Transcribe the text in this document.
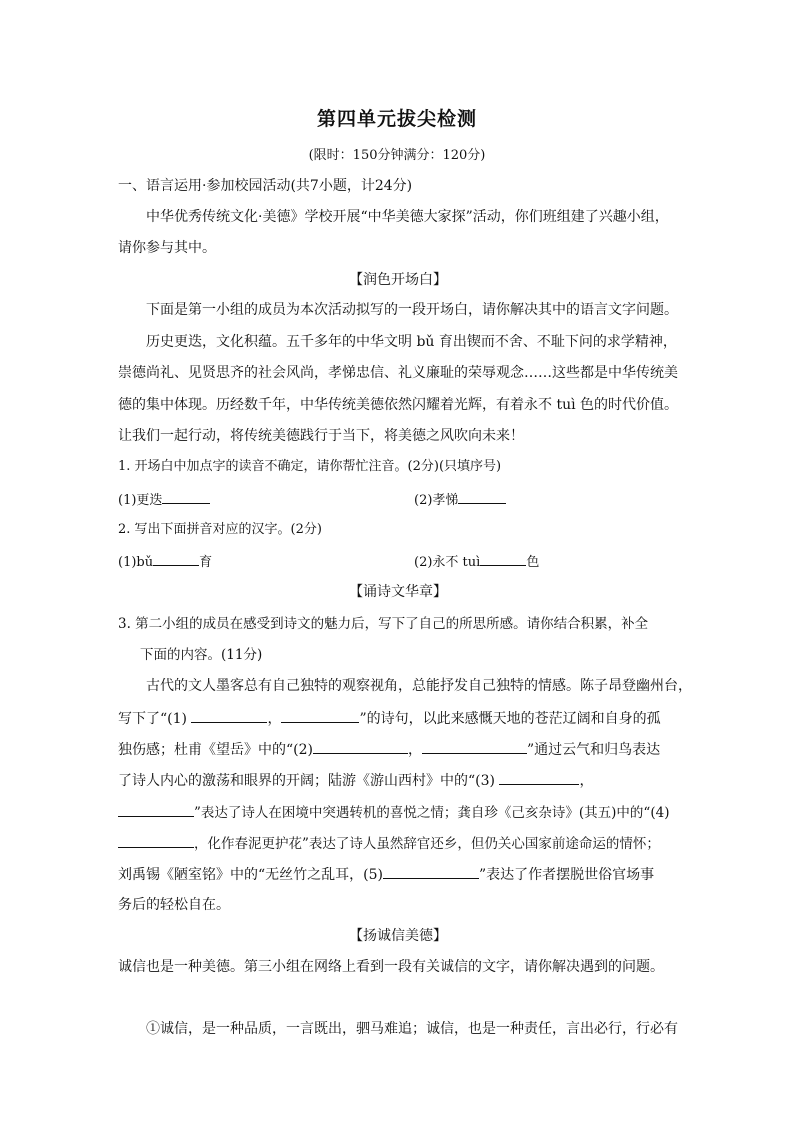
第四单元拔尖检测
(限时：150分钟满分：120分)
一、语言运用·参加校园活动(共7小题，计24分)
中华优秀传统文化·美德》学校开展“中华美德大家探”活动，你们班组建了兴趣小组，
请你参与其中。
【润色开场白】
下面是第一小组的成员为本次活动拟写的一段开场白，请你解决其中的语言文字问题。
历史更迭，文化积蕴。五千多年的中华文明 bǔ 育出锲而不舍、不耻下问的求学精神，
崇德尚礼、见贤思齐的社会风尚，孝悌忠信、礼义廉耻的荣辱观念……这些都是中华传统美
德的集中体现。历经数千年，中华传统美德依然闪耀着光辉，有着永不 tuì 色的时代价值。
让我们一起行动，将传统美德践行于当下，将美德之风吹向未来！
1. 开场白中加点字的读音不确定，请你帮忙注音。(2分)(只填序号)
(1)更迭	(2)孝悌
2. 写出下面拼音对应的汉字。(2分)
(1)bǔ	育	(2)永不 tuì	色
【诵诗文华章】
3. 第二小组的成员在感受到诗文的魅力后，写下了自己的所思所感。请你结合积累，补全
下面的内容。(11分)
古代的文人墨客总有自己独特的观察视角，总能抒发自己独特的情感。陈子昂登幽州台，
写下了“(1)	，	”的诗句，以此来感慨天地的苍茫辽阔和自身的孤
独伤感；杜甫《望岳》中的“(2)	，	”通过云气和归鸟表达
了诗人内心的激荡和眼界的开阔；陆游《游山西村》中的“(3)	，
”表达了诗人在困境中突遇转机的喜悦之情；龚自珍《己亥杂诗》(其五)中的“(4)
，化作春泥更护花”表达了诗人虽然辞官还乡，但仍关心国家前途命运的情怀；
刘禹锡《陋室铭》中的“无丝竹之乱耳，(5)	”表达了作者摆脱世俗官场事
务后的轻松自在。
【扬诚信美德】
诚信也是一种美德。第三小组在网络上看到一段有关诚信的文字，请你解决遇到的问题。
①诚信，是一种品质，一言既出，驷马难追；诚信，也是一种责任，言出必行，行必有
